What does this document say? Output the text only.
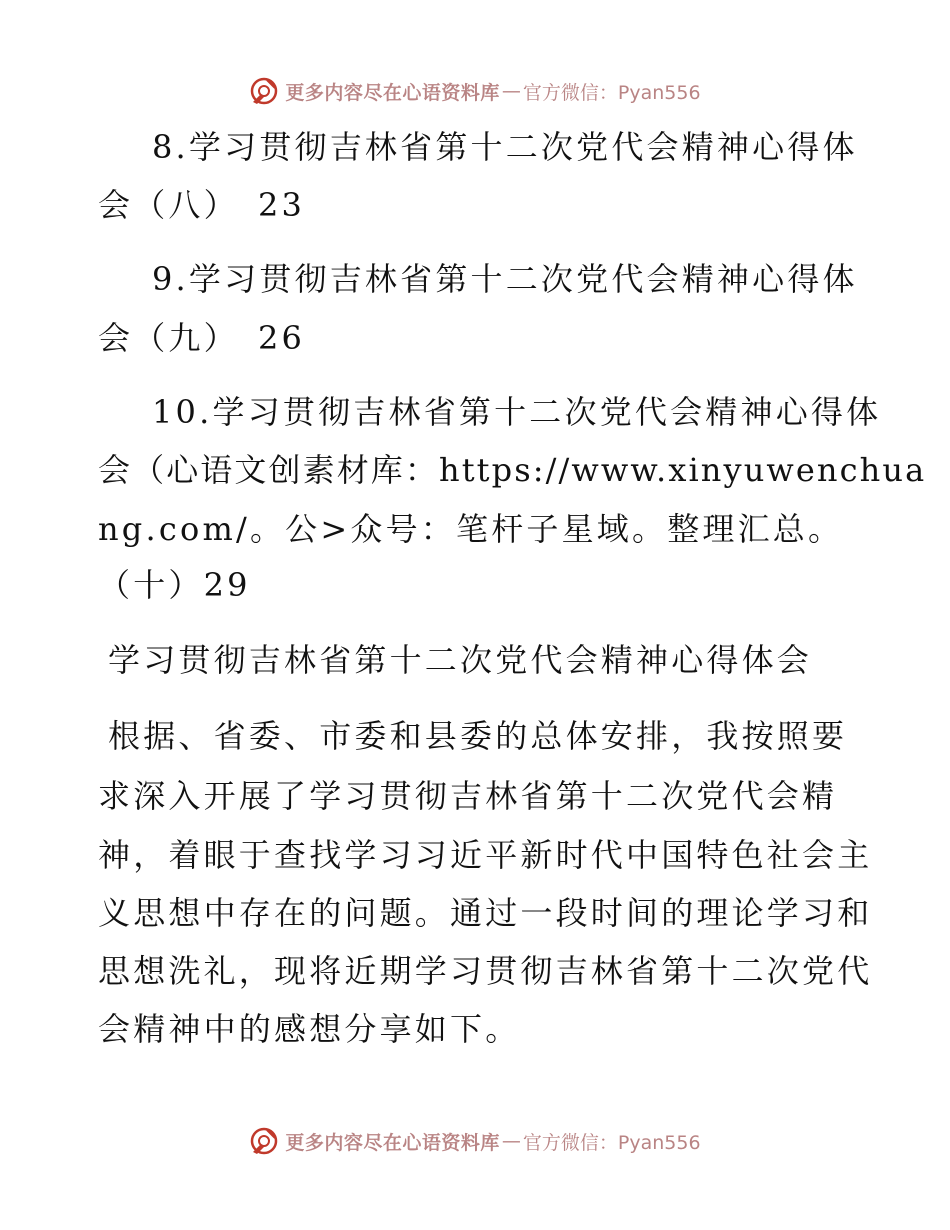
更多内容尽在心语资料库 — 官方微信：Pyan556
8.学习贯彻吉林省第十二次党代会精神心得体
会（八）　23
9.学习贯彻吉林省第十二次党代会精神心得体
会（九）　26
10.学习贯彻吉林省第十二次党代会精神心得体
会（心语文创素材库：https://www.xinyuwenchua
ng.com/。公>众号：笔杆子星域。整理汇总。
（十）29
学习贯彻吉林省第十二次党代会精神心得体会
根据、省委、市委和县委的总体安排，我按照要
求深入开展了学习贯彻吉林省第十二次党代会精
神，着眼于查找学习习近平新时代中国特色社会主
义思想中存在的问题。通过一段时间的理论学习和
思想洗礼，现将近期学习贯彻吉林省第十二次党代
会精神中的感想分享如下。
更多内容尽在心语资料库 — 官方微信：Pyan556
